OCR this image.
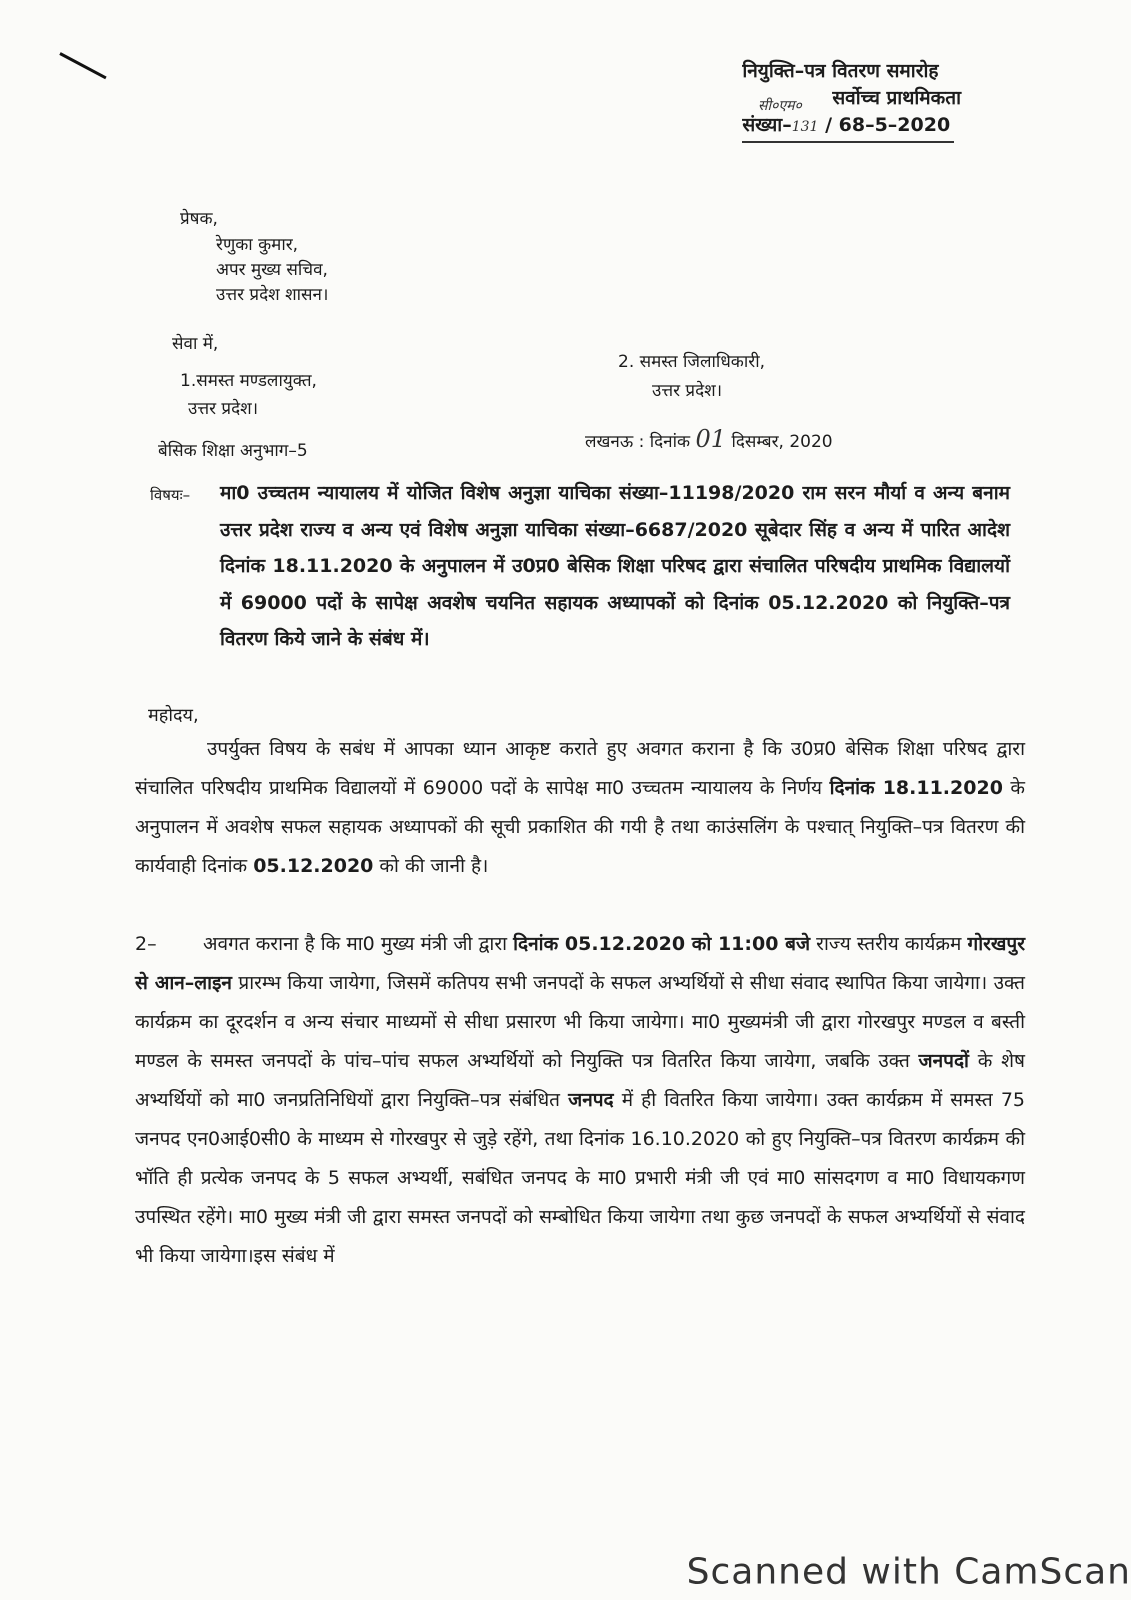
नियुक्ति–पत्र वितरण समारोह
सर्वोच्च प्राथमिकता
संख्या–131 / 68–5–2020
सी०एम०
प्रेषक,
रेणुका कुमार,
अपर मुख्य सचिव,
उत्तर प्रदेश शासन।
सेवा में,
1.समस्त मण्डलायुक्त,
उत्तर प्रदेश।
2. समस्त जिलाधिकारी,
उत्तर प्रदेश।
बेसिक शिक्षा अनुभाग–5	लखनऊ : दिनांक 01 दिसम्बर, 2020
विषयः– मा0 उच्चतम न्यायालय में योजित विशेष अनुज्ञा याचिका संख्या–11198/2020 राम सरन मौर्या व अन्य बनाम उत्तर प्रदेश राज्य व अन्य एवं विशेष अनुज्ञा याचिका संख्या–6687/2020 सूबेदार सिंह व अन्य में पारित आदेश दिनांक 18.11.2020 के अनुपालन में उ0प्र0 बेसिक शिक्षा परिषद द्वारा संचालित परिषदीय प्राथमिक विद्यालयों में 69000 पदों के सापेक्ष अवशेष चयनित सहायक अध्यापकों को दिनांक 05.12.2020 को नियुक्ति–पत्र वितरण किये जाने के संबंध में।
महोदय,
उपर्युक्त विषय के सबंध में आपका ध्यान आकृष्ट कराते हुए अवगत कराना है कि उ0प्र0 बेसिक शिक्षा परिषद द्वारा संचालित परिषदीय प्राथमिक विद्यालयों में 69000 पदों के सापेक्ष मा0 उच्चतम न्यायालय के निर्णय दिनांक 18.11.2020 के अनुपालन में अवशेष सफल सहायक अध्यापकों की सूची प्रकाशित की गयी है तथा काउंसलिंग के पश्चात् नियुक्ति–पत्र वितरण की कार्यवाही दिनांक 05.12.2020 को की जानी है।
2– अवगत कराना है कि मा0 मुख्य मंत्री जी द्वारा दिनांक 05.12.2020 को 11:00 बजे राज्य स्तरीय कार्यक्रम गोरखपुर से आन–लाइन प्रारम्भ किया जायेगा, जिसमें कतिपय सभी जनपदों के सफल अभ्यर्थियों से सीधा संवाद स्थापित किया जायेगा। उक्त कार्यक्रम का दूरदर्शन व अन्य संचार माध्यमों से सीधा प्रसारण भी किया जायेगा। मा0 मुख्यमंत्री जी द्वारा गोरखपुर मण्डल व बस्ती मण्डल के समस्त जनपदों के पांच–पांच सफल अभ्यर्थियों को नियुक्ति पत्र वितरित किया जायेगा, जबकि उक्त जनपदों के शेष अभ्यर्थियों को मा0 जनप्रतिनिधियों द्वारा नियुक्ति–पत्र संबंधित जनपद में ही वितरित किया जायेगा। उक्त कार्यक्रम में समस्त 75 जनपद एन0आई0सी0 के माध्यम से गोरखपुर से जुड़े रहेंगे, तथा दिनांक 16.10.2020 को हुए नियुक्ति–पत्र वितरण कार्यक्रम की भॉति ही प्रत्येक जनपद के 5 सफल अभ्यर्थी, सबंधित जनपद के मा0 प्रभारी मंत्री जी एवं मा0 सांसदगण व मा0 विधायकगण उपस्थित रहेंगे। मा0 मुख्य मंत्री जी द्वारा समस्त जनपदों को सम्बोधित किया जायेगा तथा कुछ जनपदों के सफल अभ्यर्थियों से संवाद भी किया जायेगा।इस संबंध में
Scanned with CamScan
